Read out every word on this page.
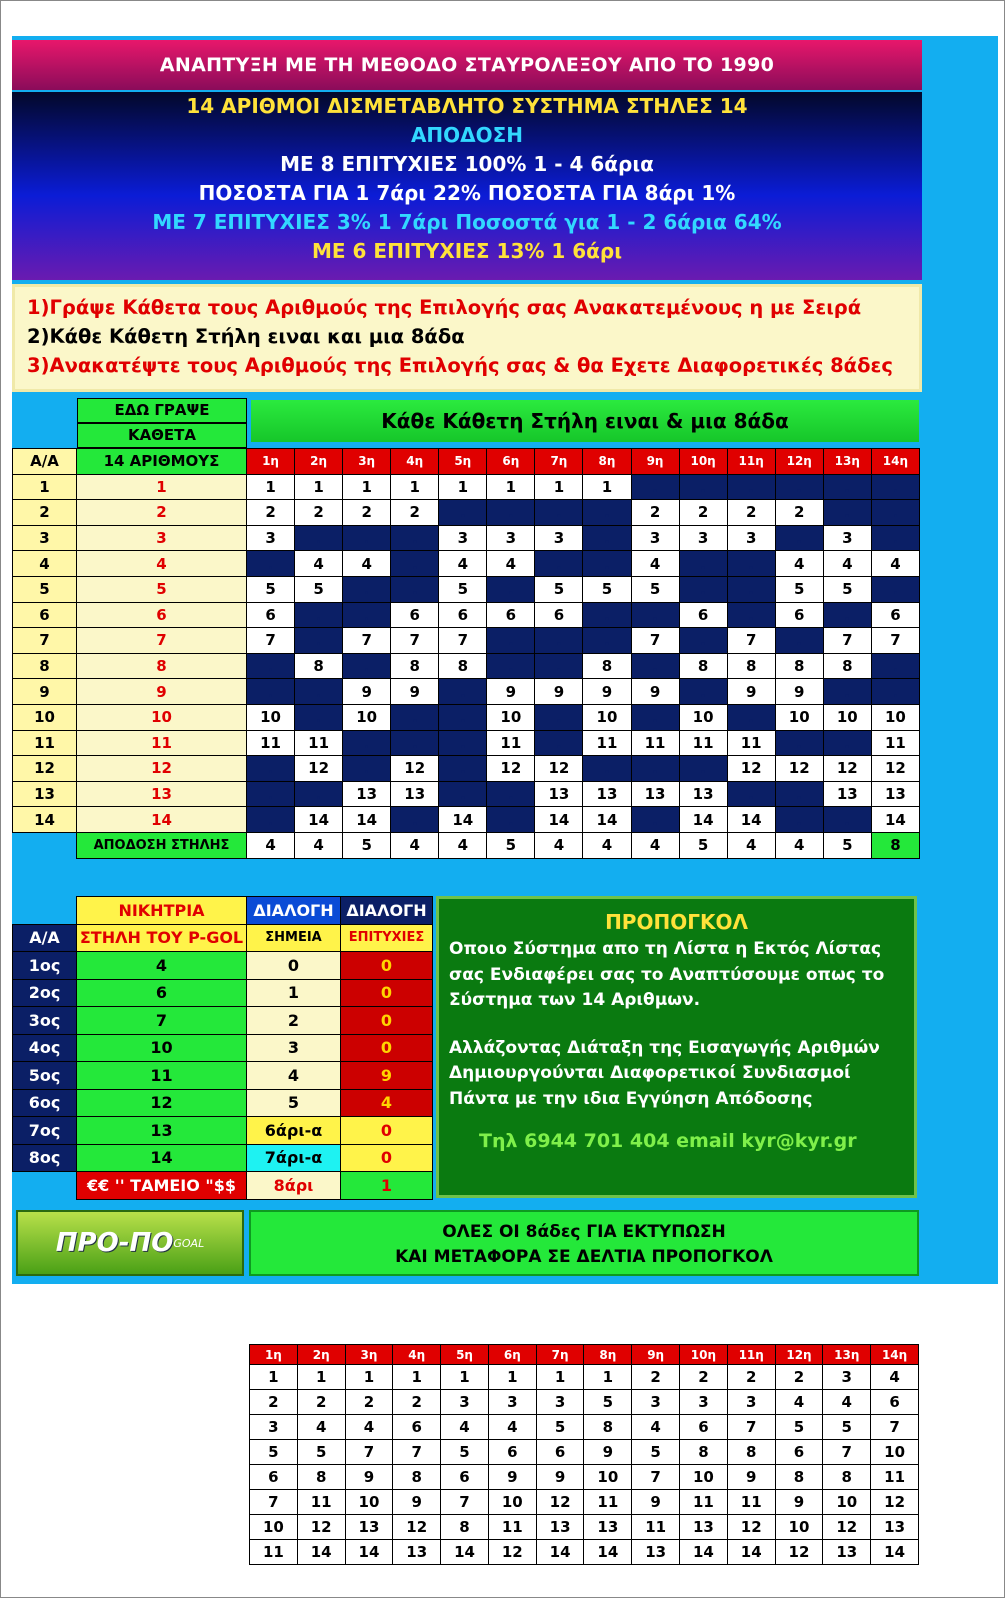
ΑΝΑΠΤΥΞΗ ΜΕ ΤΗ ΜΕΘΟΔΟ ΣΤΑΥΡΟΛΕΞΟΥ ΑΠΟ ΤΟ 1990
14 ΑΡΙΘΜΟΙ ΔΙΣΜΕΤΑΒΛΗΤΟ ΣΥΣΤΗΜΑ ΣΤΗΛΕΣ 14
ΑΠΟΔΟΣΗ
ΜΕ 8 ΕΠΙΤΥΧΙΕΣ 100% 1 - 4 6άρια
ΠΟΣΟΣΤΑ ΓΙΑ 1 7άρι 22% ΠΟΣΟΣΤΑ ΓΙΑ 8άρι 1%
ΜΕ 7 ΕΠΙΤΥΧΙΕΣ 3% 1 7άρι Ποσοστά για 1 - 2 6άρια 64%
ΜΕ 6 ΕΠΙΤΥΧΙΕΣ 13% 1 6άρι
1)Γράψε Κάθετα τους Αριθμούς της Επιλογής σας Ανακατεμένους η με Σειρά
2)Κάθε Κάθετη Στήλη ειναι και μια 8άδα
3)Ανακατέψτε τους Αριθμούς της Επιλογής σας & θα Εχετε Διαφορετικές 8άδες
ΕΔΩ ΓΡΑΨΕ
ΚΑΘΕΤΑ
Κάθε Κάθετη Στήλη ειναι & μια 8άδα
Α/Α	14 ΑΡΙΘΜΟΥΣ	1η	2η	3η	4η	5η	6η	7η	8η	9η	10η	11η	12η	13η	14η
1	1	1	1	1	1	1	1	1	1	.	.	.	.	.	.
2	2	2	2	2	2	.	.	.	.	2	2	2	2	.	.
3	3	3	.	.	.	3	3	3	.	3	3	3	.	3	.
4	4	.	4	4	.	4	4	.	.	4	.	.	4	4	4
5	5	5	5	.	.	5	.	5	5	5	.	.	5	5	.
6	6	6	.	.	6	6	6	6	.	.	6	.	6	.	6
7	7	7	.	7	7	7	.	.	.	7	.	7	.	7	7
8	8	.	8	.	8	8	.	.	8	.	8	8	8	8	.
9	9	.	.	9	9	.	9	9	9	9	.	9	9	.	.
10	10	10	.	10	.	.	10	.	10	.	10	.	10	10	10
11	11	11	11	.	.	.	11	.	11	11	11	11	.	.	11
12	12	.	12	.	12	.	12	12	.	.	.	12	12	12	12
13	13	.	.	13	13	.	.	13	13	13	13	.	.	13	13
14	14	.	14	14	.	14	.	14	14	.	14	14	.	.	14
	ΑΠΟΔΟΣΗ ΣΤΗΛΗΣ	4	4	5	4	4	5	4	4	4	5	4	4	5	8
	ΝΙΚΗΤΡΙΑ	ΔΙΑΛΟΓΗ	ΔΙΑΛΟΓΗ
Α/Α	ΣΤΗΛΗ ΤΟΥ P-GOL	ΣΗΜΕΙΑ	ΕΠΙΤΥΧΙΕΣ
1ος	4	0	0
2ος	6	1	0
3ος	7	2	0
4ος	10	3	0
5ος	11	4	9
6ος	12	5	4
7ος	13	6άρι-α	0
8ος	14	7άρι-α	0
	€€ '' ΤΑΜΕΙΟ "$$	8άρι	1
ΠΡΟΠΟΓΚΟΛ
Οποιο Σύστημα απο τη Λίστα η Εκτός Λίστας
σας Ενδιαφέρει σας το Αναπτύσουμε οπως το
Σύστημα των 14 Αριθμων.
Αλλάζοντας Διάταξη της Εισαγωγής Αριθμών
Δημιουργούνται Διαφορετικοί Συνδιασμοί
Πάντα με την ιδια Εγγύηση Απόδοσης
Τηλ 6944 701 404 email kyr@kyr.gr
ΠΡΟ-ΠΟ GOAL
ΟΛΕΣ ΟΙ 8άδες ΓΙΑ ΕΚΤΥΠΩΣΗ
ΚΑΙ ΜΕΤΑΦΟΡΑ ΣΕ ΔΕΛΤΙΑ ΠΡΟΠΟΓΚΟΛ
1η	2η	3η	4η	5η	6η	7η	8η	9η	10η	11η	12η	13η	14η
1	1	1	1	1	1	1	1	2	2	2	2	3	4
2	2	2	2	3	3	3	5	3	3	3	4	4	6
3	4	4	6	4	4	5	8	4	6	7	5	5	7
5	5	7	7	5	6	6	9	5	8	8	6	7	10
6	8	9	8	6	9	9	10	7	10	9	8	8	11
7	11	10	9	7	10	12	11	9	11	11	9	10	12
10	12	13	12	8	11	13	13	11	13	12	10	12	13
11	14	14	13	14	12	14	14	13	14	14	12	13	14
